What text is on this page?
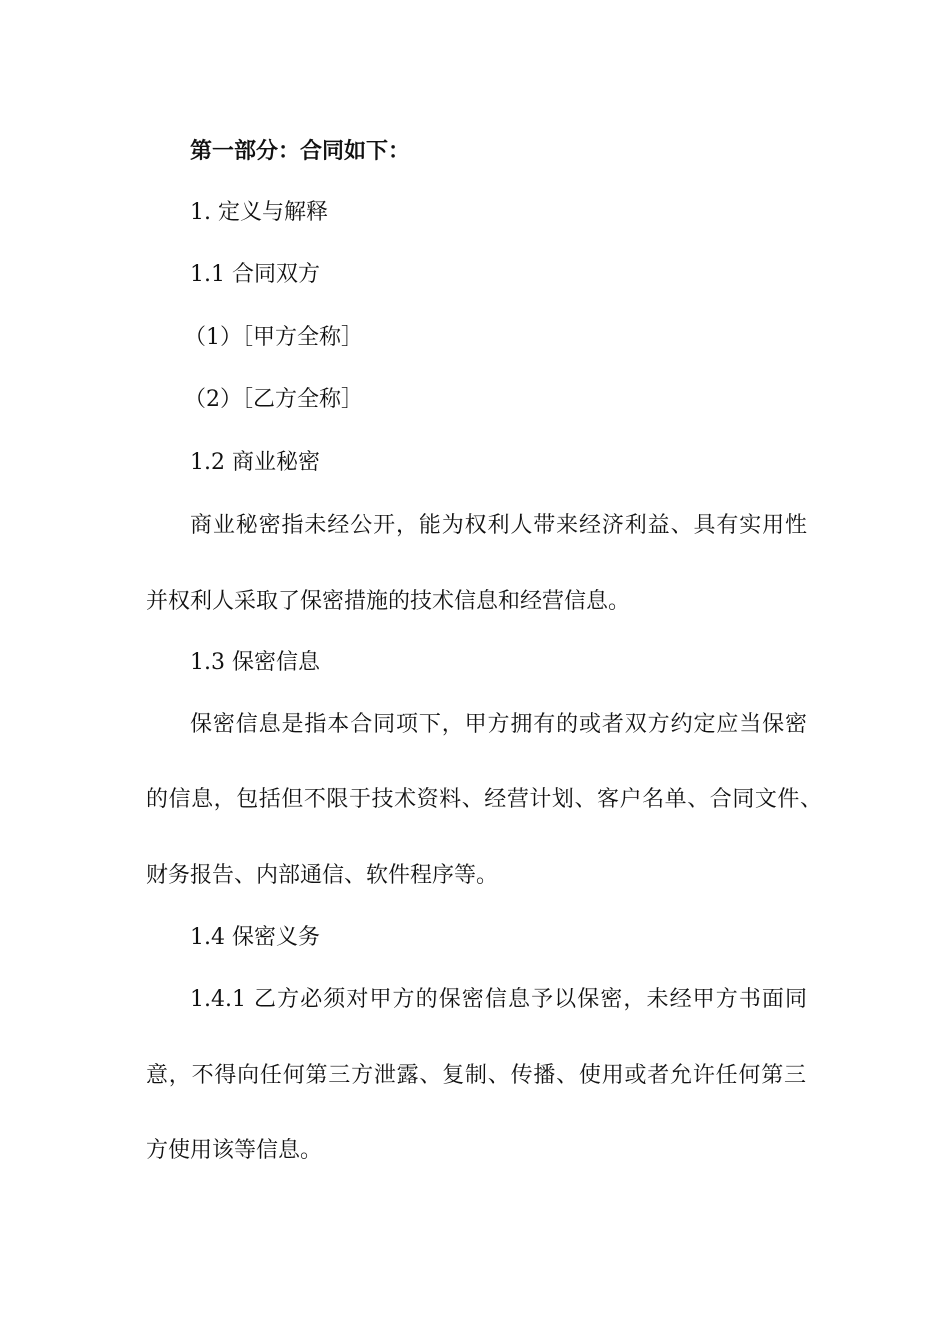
第一部分：合同如下：
1. 定义与解释
1.1 合同双方
（1）［甲方全称］
（2）［乙方全称］
1.2 商业秘密
商业秘密指未经公开，能为权利人带来经济利益、具有实用性
并权利人采取了保密措施的技术信息和经营信息。
1.3 保密信息
保密信息是指本合同项下，甲方拥有的或者双方约定应当保密
的信息，包括但不限于技术资料、经营计划、客户名单、合同文件、
财务报告、内部通信、软件程序等。
1.4 保密义务
1.4.1 乙方必须对甲方的保密信息予以保密，未经甲方书面同
意，不得向任何第三方泄露、复制、传播、使用或者允许任何第三
方使用该等信息。
